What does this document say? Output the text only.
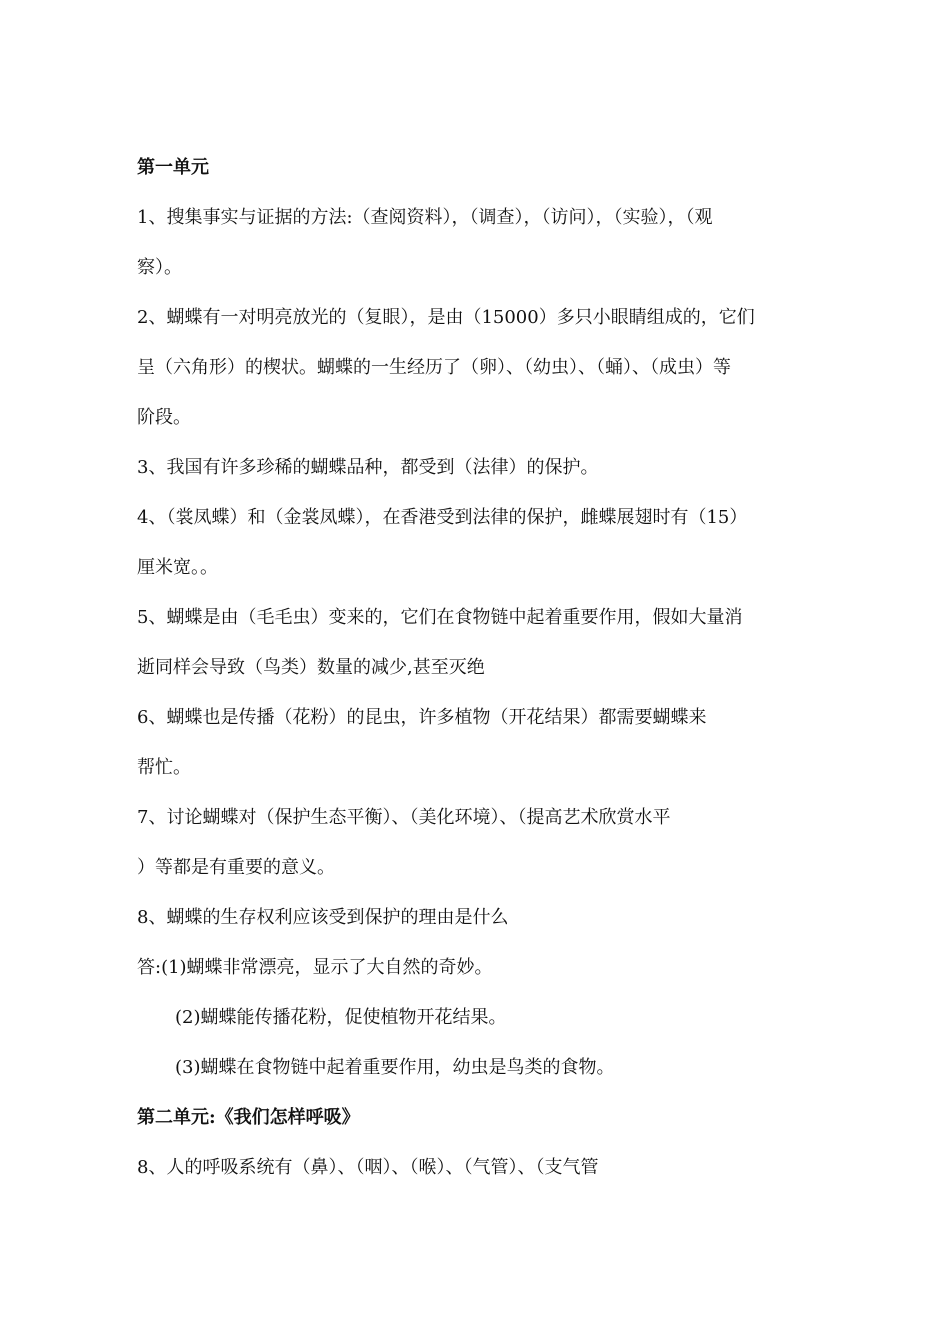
第一单元
1、搜集事实与证据的方法:（查阅资料），（调查），（访问），（实验），（观
察）。
2、蝴蝶有一对明亮放光的（复眼），是由（15000）多只小眼睛组成的，它们
呈（六角形）的楔状。蝴蝶的一生经历了（卵）、（幼虫）、（蛹）、（成虫）等
阶段。
3、我国有许多珍稀的蝴蝶品种，都受到（法律）的保护。
4、（裳凤蝶）和（金裳凤蝶），在香港受到法律的保护，雌蝶展翅时有（15）
厘米宽。。
5、蝴蝶是由（毛毛虫）变来的，它们在食物链中起着重要作用，假如大量消
逝同样会导致（鸟类）数量的减少,甚至灭绝
6、蝴蝶也是传播（花粉）的昆虫，许多植物（开花结果）都需要蝴蝶来
帮忙。
7、讨论蝴蝶对（保护生态平衡）、（美化环境）、（提高艺术欣赏水平
）等都是有重要的意义。
8、蝴蝶的生存权利应该受到保护的理由是什么
答:(1)蝴蝶非常漂亮，显示了大自然的奇妙。
(2)蝴蝶能传播花粉，促使植物开花结果。
(3)蝴蝶在食物链中起着重要作用，幼虫是鸟类的食物。
第二单元:《我们怎样呼吸》
8、人的呼吸系统有（鼻）、（咽）、（喉）、（气管）、（支气管
